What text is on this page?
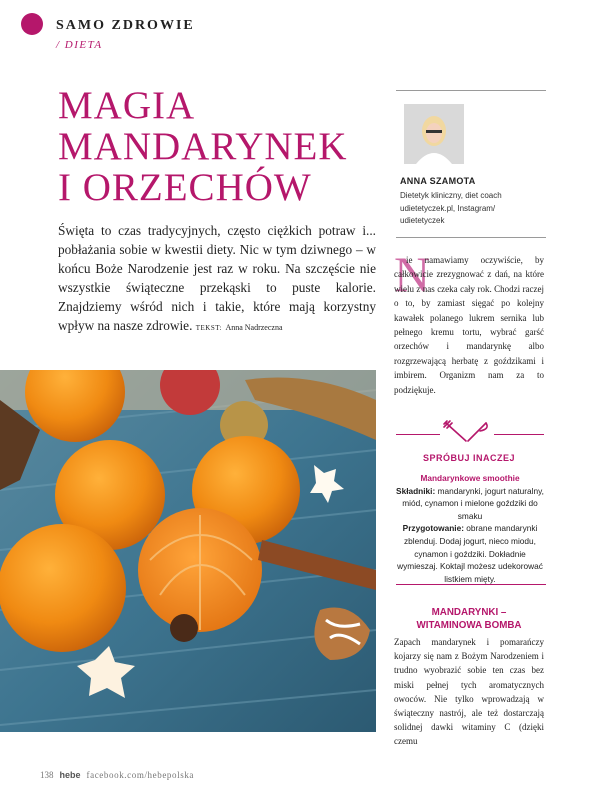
SAMO ZDROWIE
/ DIETA
MAGIA
MANDARYNEK
I ORZECHÓW

Święta to czas tradycyjnych, często ciężkich potraw i... pobłażania sobie w kwestii diety. Nic w tym dziwnego – w końcu Boże Narodzenie jest raz w roku. Na szczęście nie wszystkie świąteczne przekąski to puste kalorie. Znajdziemy wśród nich i takie, które mają korzystny wpływ na nasze zdrowie. TEKST: Anna Nadrzeczna

ANNA SZAMOTA
Dietetyk kliniczny, diet coach
udietetyczek.pl, Instagram/ udietetyczek
N

ie namawiamy oczywiście, by całkowicie zrezygnować z dań, na które wielu z nas czeka cały rok. Chodzi raczej o to, by zamiast sięgać po kolejny kawałek polanego lukrem sernika lub pełnego kremu tortu, wybrać garść orzechów i mandarynkę albo rozgrzewającą herbatę z goździkami i imbirem. Organizm nam za to podziękuje.

SPRÓBUJ INACZEJ
Mandarynkowe smoothie
Składniki: mandarynki, jogurt naturalny, miód, cynamon i mielone goździki do smaku
Przygotowanie: obrane mandarynki zblenduj. Dodaj jogurt, nieco miodu, cynamon i goździki. Dokładnie wymieszaj. Koktajl możesz udekorować listkiem mięty.
MANDARYNKI –
WITAMINOWA BOMBA

Zapach mandarynek i pomarańczy kojarzy się nam z Bożym Narodzeniem i trudno wyobrazić sobie ten czas bez miski pełnej tych aromatycznych owoców. Nie tylko wprowadzają w świąteczny nastrój, ale też dostarczają solidnej dawki witaminy C (dzięki czemu

138 hebe facebook.com/hebepolska
